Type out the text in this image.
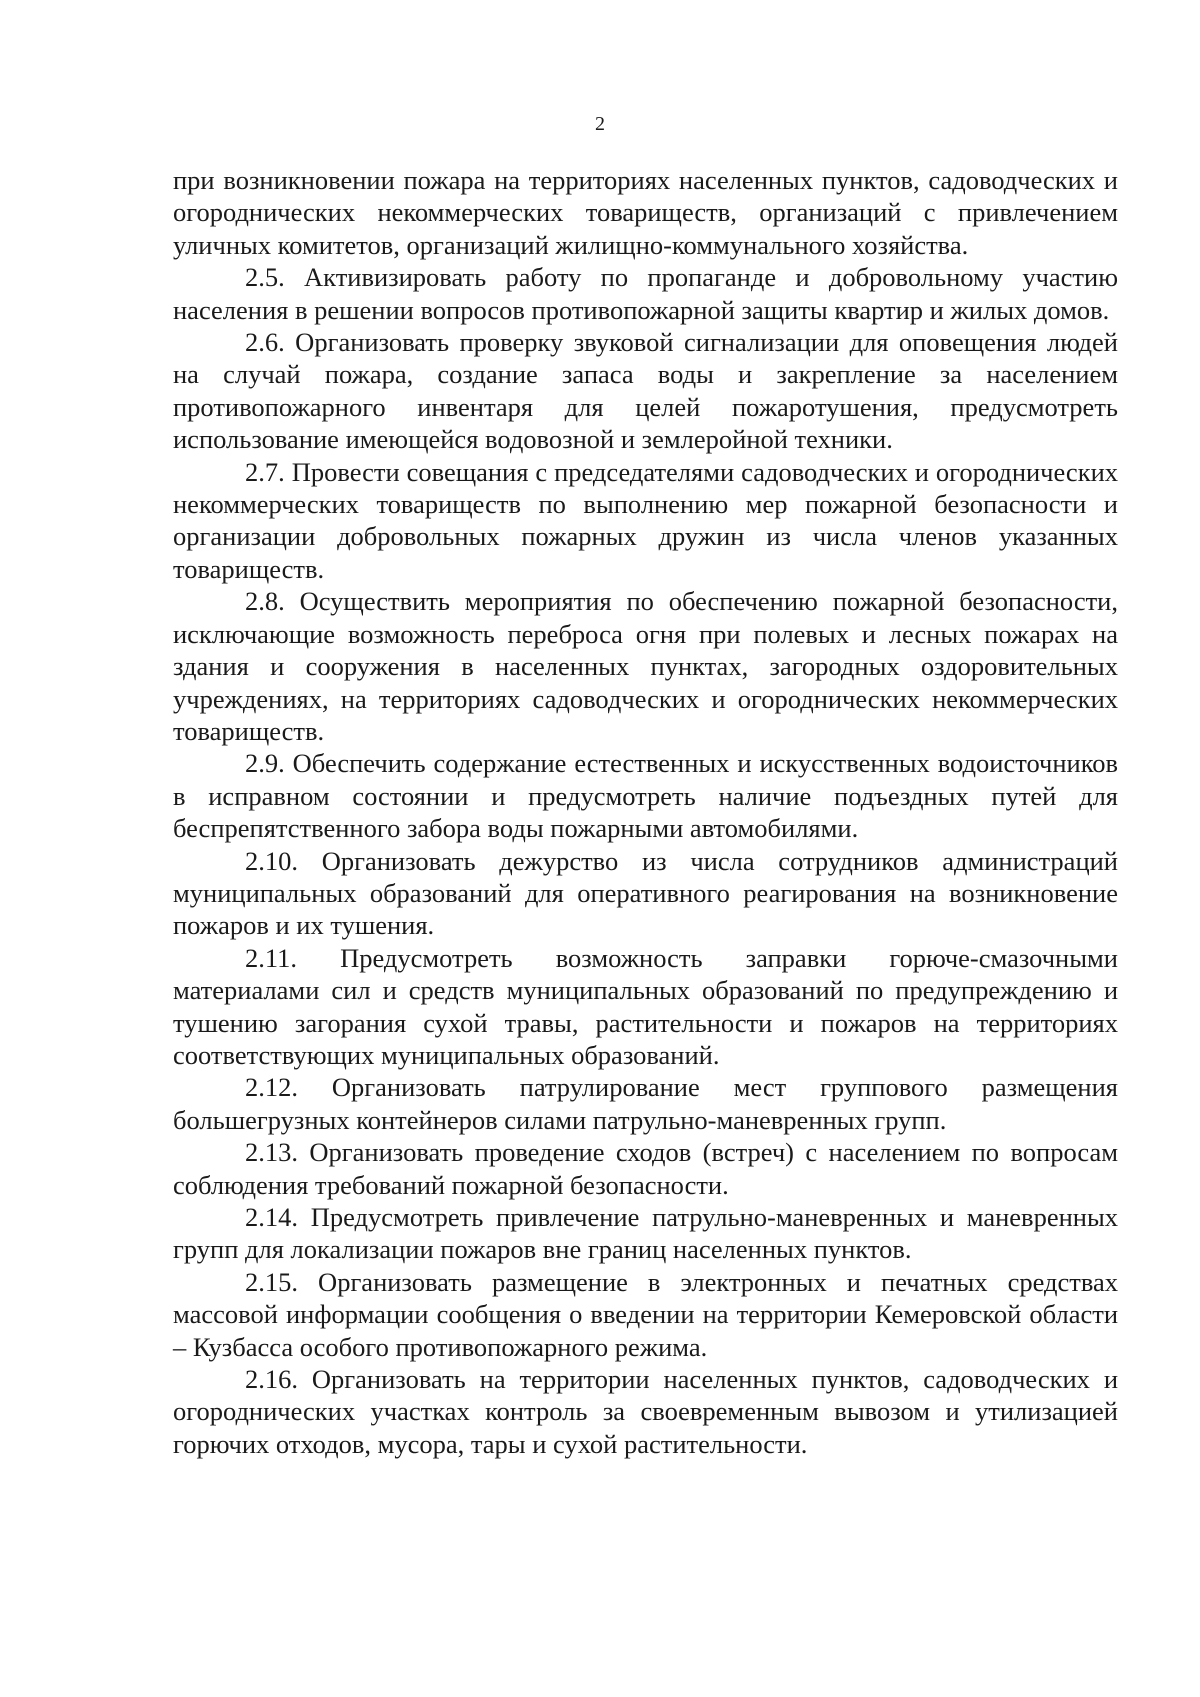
2

при возникновении пожара на территориях населенных пунктов, садоводческих и огороднических некоммерческих товариществ, организаций с привлечением уличных комитетов, организаций жилищно-коммунального хозяйства.

2.5. Активизировать работу по пропаганде и добровольному участию населения в решении вопросов противопожарной защиты квартир и жилых домов.

2.6. Организовать проверку звуковой сигнализации для оповещения людей на случай пожара, создание запаса воды и закрепление за населением противопожарного инвентаря для целей пожаротушения, предусмотреть использование имеющейся водовозной и землеройной техники.

2.7. Провести совещания с председателями садоводческих и огороднических некоммерческих товариществ по выполнению мер пожарной безопасности и организации добровольных пожарных дружин из числа членов указанных товариществ.

2.8. Осуществить мероприятия по обеспечению пожарной безопасности, исключающие возможность переброса огня при полевых и лесных пожарах на здания и сооружения в населенных пунктах, загородных оздоровительных учреждениях, на территориях садоводческих и огороднических некоммерческих товариществ.

2.9. Обеспечить содержание естественных и искусственных водоисточников в исправном состоянии и предусмотреть наличие подъездных путей для беспрепятственного забора воды пожарными автомобилями.

2.10. Организовать дежурство из числа сотрудников администраций муниципальных образований для оперативного реагирования на возникновение пожаров и их тушения.

2.11. Предусмотреть возможность заправки горюче-смазочными материалами сил и средств муниципальных образований по предупреждению и тушению загорания сухой травы, растительности и пожаров на территориях соответствующих муниципальных образований.

2.12. Организовать патрулирование мест группового размещения большегрузных контейнеров силами патрульно-маневренных групп.

2.13. Организовать проведение сходов (встреч) с населением по вопросам соблюдения требований пожарной безопасности.

2.14. Предусмотреть привлечение патрульно-маневренных и маневренных групп для локализации пожаров вне границ населенных пунктов.

2.15. Организовать размещение в электронных и печатных средствах массовой информации сообщения о введении на территории Кемеровской области – Кузбасса особого противопожарного режима.

2.16. Организовать на территории населенных пунктов, садоводческих и огороднических участках контроль за своевременным вывозом и утилизацией горючих отходов, мусора, тары и сухой растительности.
